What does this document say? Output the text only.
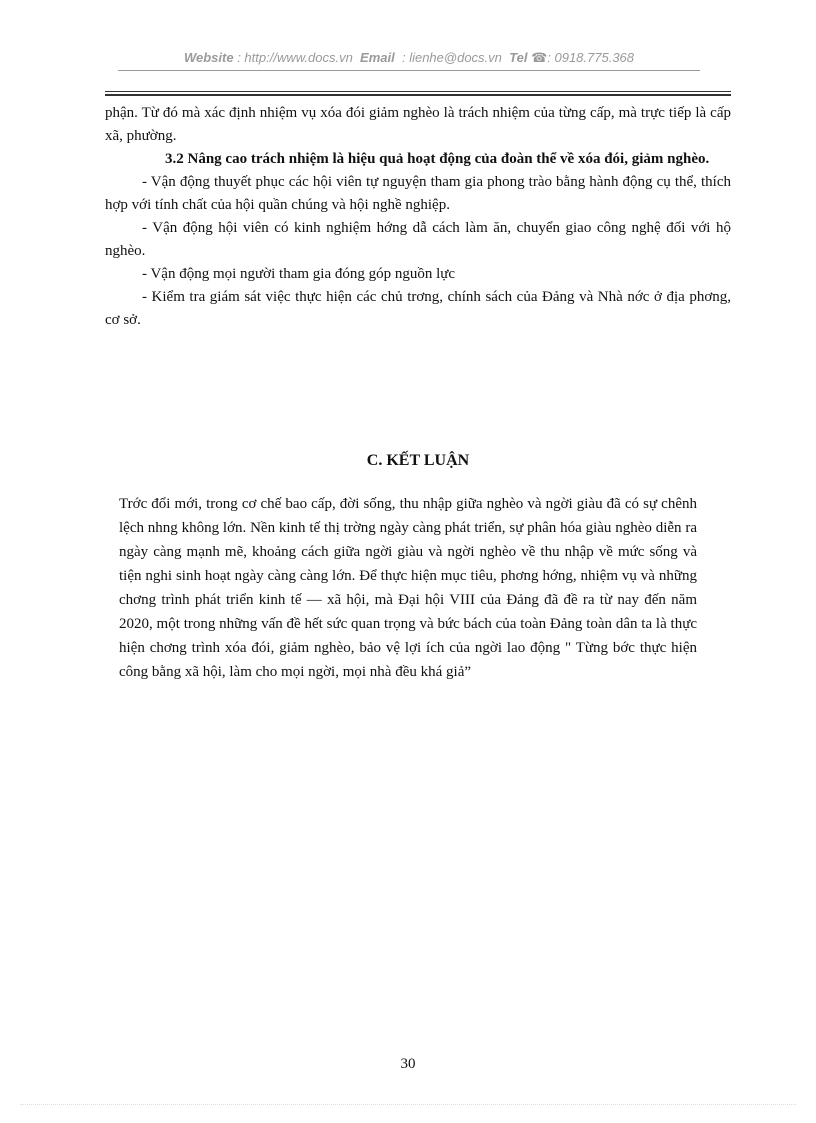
Website : http://www.docs.vn Email : lienhe@docs.vn Tel ☎: 0918.775.368

phận. Từ đó mà xác định nhiệm vụ xóa đói giảm nghèo là trách nhiệm của từng cấp, mà trực tiếp là cấp xã, phường.

3.2 Nâng cao trách nhiệm là hiệu quả hoạt động của đoàn thể về xóa đói, giảm nghèo.

- Vận động thuyết phục các hội viên tự nguyện tham gia phong trào bằng hành động cụ thể, thích hợp với tính chất của hội quần chúng và hội nghề nghiệp.

- Vận động hội viên có kinh nghiệm hớng dẫ cách làm ăn, chuyển giao công nghệ đối với hộ nghèo.

- Vận động mọi người tham gia đóng góp nguồn lực

- Kiểm tra giám sát việc thực hiện các chủ trơng, chính sách của Đảng và Nhà nớc ở địa phơng, cơ sở.

C. KẾT LUẬN
Trớc đổi mới, trong cơ chế bao cấp, đời sống, thu nhập giữa nghèo và ngời giàu đã có sự chênh lệch nhng không lớn. Nền kinh tế thị trờng ngày càng phát triển, sự phân hóa giàu nghèo diễn ra ngày càng mạnh mẽ, khoảng cách giữa ngời giàu và ngời nghèo về thu nhập về mức sống và tiện nghi sinh hoạt ngày càng càng lớn. Để thực hiện mục tiêu, phơng hớng, nhiệm vụ và những chơng trình phát triển kinh tế — xã hội, mà Đại hội VIII của Đảng đã đề ra từ nay đến năm 2020, một trong những vấn đề hết sức quan trọng và bức bách của toàn Đảng toàn dân ta là thực hiện chơng trình xóa đói, giảm nghèo, bảo vệ lợi ích của ngời lao động " Từng bớc thực hiện công bằng xã hội, làm cho mọi ngời, mọi nhà đều khá giả”
30
